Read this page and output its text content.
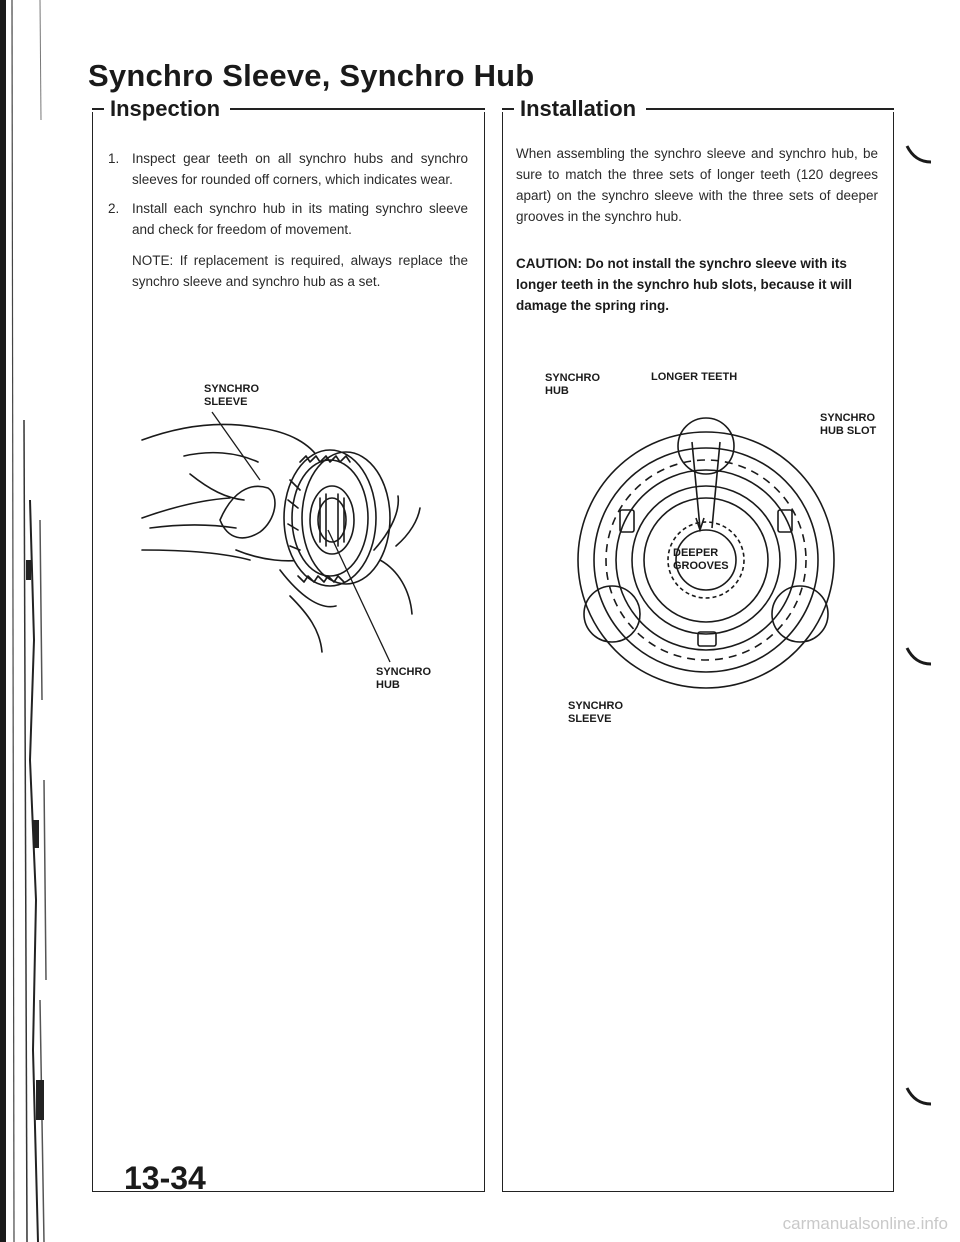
Synchro Sleeve, Synchro Hub
Inspection
1. Inspect gear teeth on all synchro hubs and synchro sleeves for rounded off corners, which indicates wear.
2. Install each synchro hub in its mating synchro sleeve and check for freedom of movement.
NOTE: If replacement is required, always replace the synchro sleeve and synchro hub as a set.
SYNCHRO SLEEVE
SYNCHRO HUB
Installation

When assembling the synchro sleeve and synchro hub, be sure to match the three sets of longer teeth (120 degrees apart) on the synchro sleeve with the three sets of deeper grooves in the synchro hub.

CAUTION: Do not install the synchro sleeve with its longer teeth in the synchro hub slots, because it will damage the spring ring.

SYNCHRO HUB
LONGER TEETH
SYNCHRO HUB SLOT
DEEPER GROOVES
SYNCHRO SLEEVE
13-34
carmanualsonline.info
